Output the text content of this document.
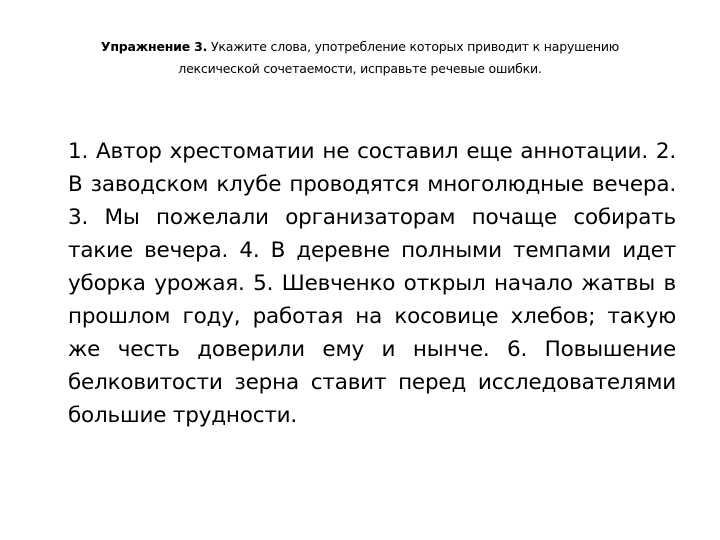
Упражнение 3. Укажите слова, употребление которых приводит к нарушению лексической сочетаемости, исправьте речевые ошибки.

1. Автор хрестоматии не составил еще аннотации. 2. В заводском клубе проводятся многолюдные вечера. 3. Мы пожелали организаторам почаще собирать такие вечера. 4. В деревне полными темпами идет уборка урожая. 5. Шевченко открыл начало жатвы в прошлом году, работая на косовице хлебов; такую же честь доверили ему и нынче. 6. Повышение белковитости зерна ставит перед исследователями большие трудности.
